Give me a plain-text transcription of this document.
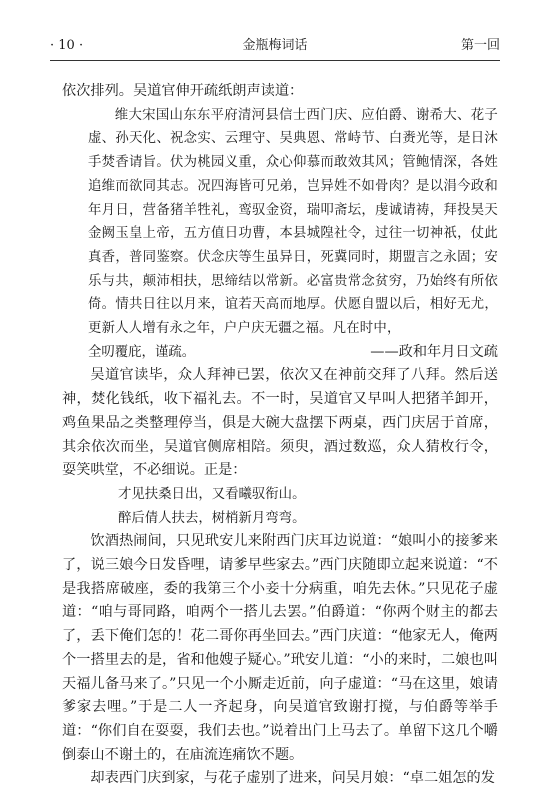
· 10 ·	金瓶梅词话	第一回

依次排列。吴道官伸开疏纸朗声读道：

维大宋国山东东平府清河县信士西门庆、应伯爵、谢希大、花子虚、孙天化、祝念实、云理守、吴典恩、常峙节、白赉光等，是日沐手焚香请旨。伏为桃园义重，众心仰慕而敢效其风；管鲍情深，各姓追维而欲同其志。况四海皆可兄弟，岂异姓不如骨肉？是以涓今政和年月日，营备猪羊牲礼，鸾驭金资，瑞叩斋坛，虔诚请祷，拜投昊天金阙玉皇上帝，五方值日功曹，本县城隍社令，过往一切神祇，仗此真香，普同鉴察。伏念庆等生虽异日，死冀同时，期盟言之永固；安乐与共，颠沛相扶，思缔结以常新。必富贵常念贫穷，乃始终有所依倚。情共日往以月来，谊若天高而地厚。伏愿自盟以后，相好无尤，更新人人增有永之年，户户庆无疆之福。凡在时中，

全叨覆庇，谨疏。	——政和年月日文疏

吴道官读毕，众人拜神已罢，依次又在神前交拜了八拜。然后送神，焚化钱纸，收下福礼去。不一时，吴道官又早叫人把猪羊卸开，鸡鱼果品之类整理停当，俱是大碗大盘摆下两桌，西门庆居于首席，其余依次而坐，吴道官侧席相陪。须臾，酒过数巡，众人猜枚行令，耍笑哄堂，不必细说。正是：

才见扶桑日出，又看曦驭衔山。

醉后倩人扶去，树梢新月弯弯。

饮酒热闹间，只见玳安儿来附西门庆耳边说道：“娘叫小的接爹来了，说三娘今日发昏哩，请爹早些家去。”西门庆随即立起来说道：“不是我搭席破座，委的我第三个小妾十分病重，咱先去休。”只见花子虚道：“咱与哥同路，咱两个一搭儿去罢。”伯爵道：“你两个财主的都去了，丢下俺们怎的！花二哥你再坐回去。”西门庆道：“他家无人，俺两个一搭里去的是，省和他嫂子疑心。”玳安儿道：“小的来时，二娘也叫天福儿备马来了。”只见一个小厮走近前，向子虚道：“马在这里，娘请爹家去哩。”于是二人一齐起身，向吴道官致谢打搅，与伯爵等举手道：“你们自在耍耍，我们去也。”说着出门上马去了。单留下这几个嚼倒泰山不谢土的，在庙流连痛饮不题。

却表西门庆到家，与花子虚别了进来，问吴月娘：“卓二姐怎的发
